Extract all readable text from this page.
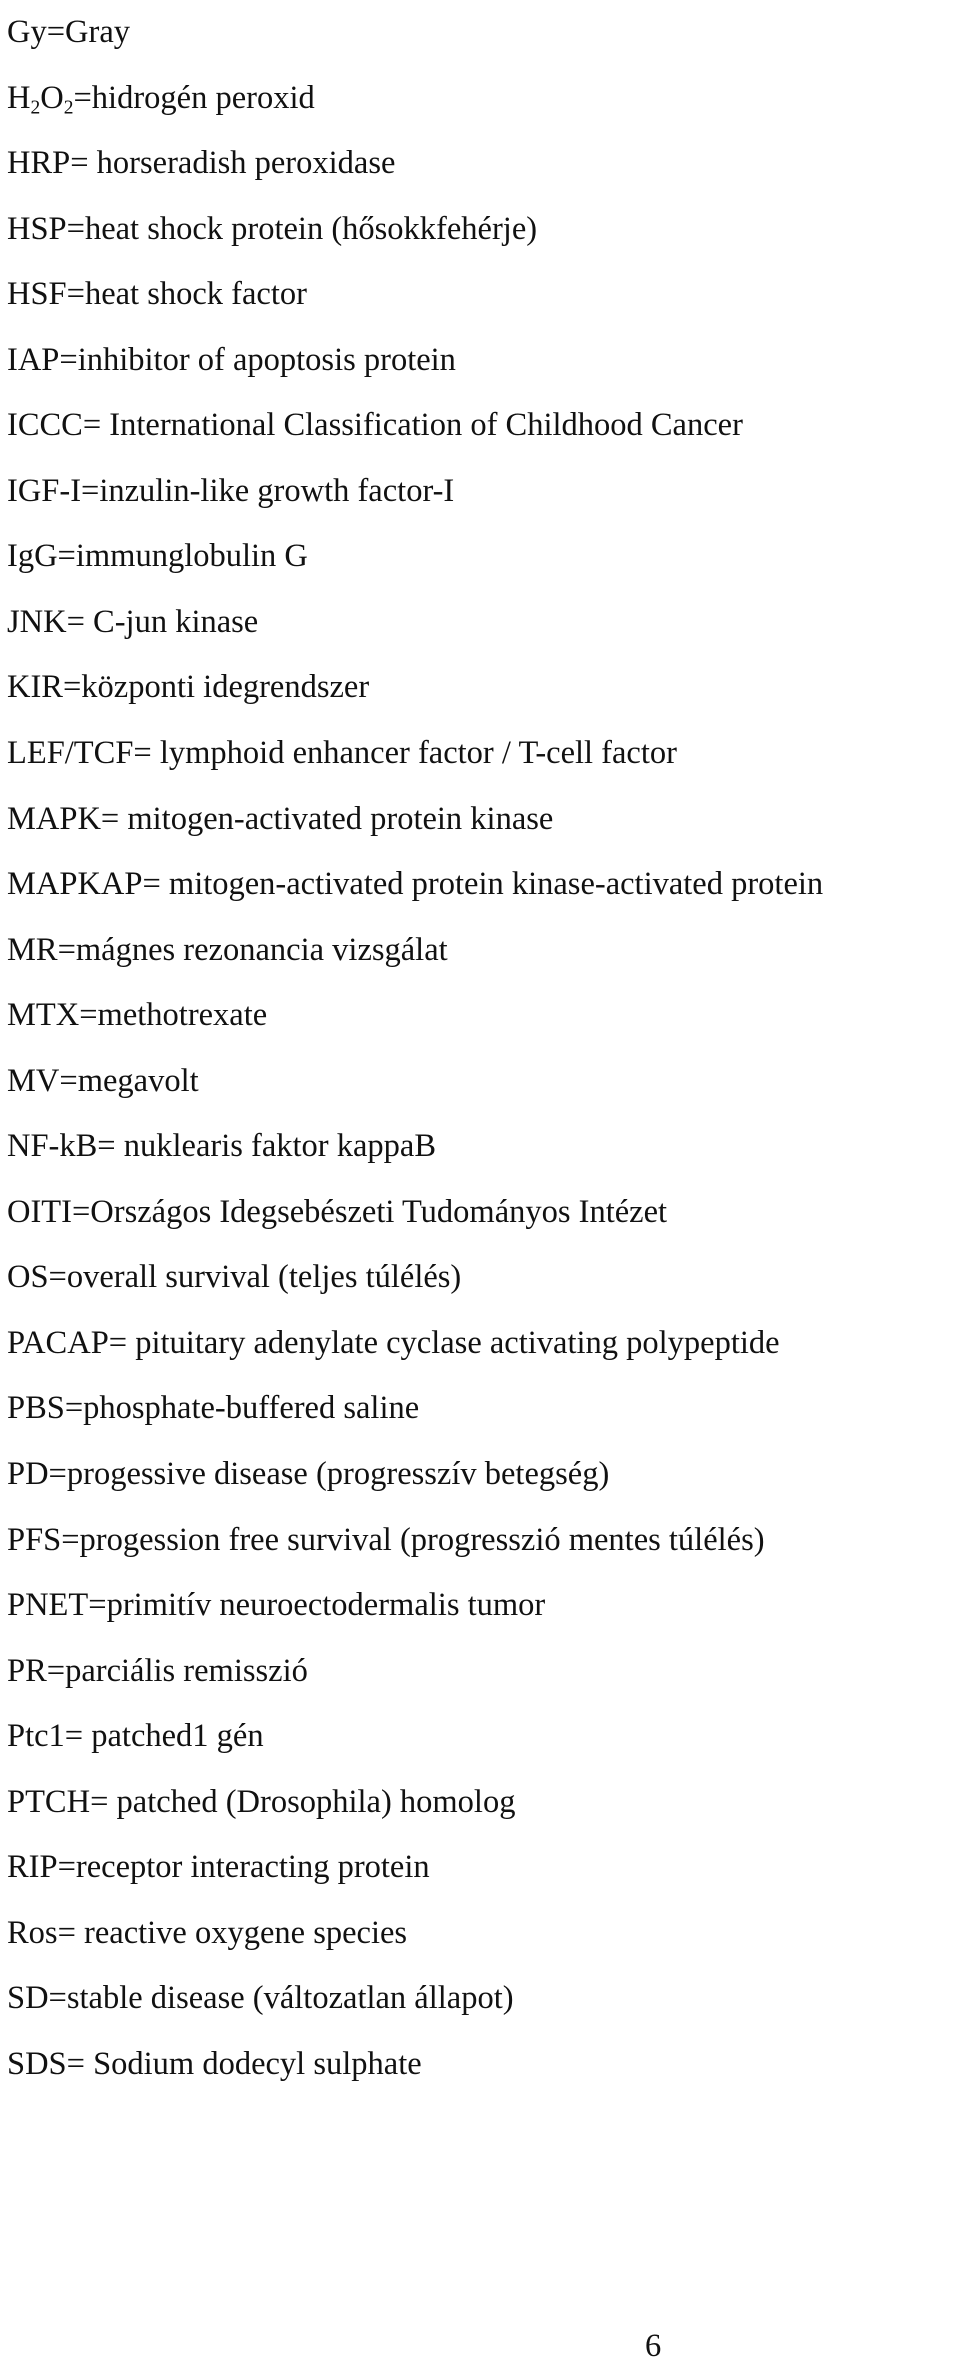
Gy=Gray
$H_2O_2=hidrogén$ peroxid
HRP= horseradish peroxidase
HSP=heat shock protein (hősokkfehérje)
HSF=heat shock factor
IAP=inhibitor of apoptosis protein
ICCC= International Classification of Childhood Cancer
IGF-I=inzulin-like growth factor-I
IgG=immunglobulin G
JNK= C-jun kinase
KIR=központi idegrendszer
LEF/TCF= lymphoid enhancer factor / T-cell factor
MAPK= mitogen-activated protein kinase
MAPKAP= mitogen-activated protein kinase-activated protein
MR=mágnes rezonancia vizsgálat
MTX=methotrexate
MV=megavolt
NF-kB= nuklearis faktor kappaB
OITI=Országos Idegsebészeti Tudományos Intézet
OS=overall survival (teljes túlélés)
PACAP= pituitary adenylate cyclase activating polypeptide
PBS=phosphate-buffered saline
PD=progessive disease (progresszív betegség)
PFS=progession free survival (progresszió mentes túlélés)
PNET=primitív neuroectodermalis tumor
PR=parciális remisszió
Ptc1= patched1 gén
PTCH= patched (Drosophila) homolog
RIP=receptor interacting protein
Ros= reactive oxygene species
SD=stable disease (változatlan állapot)
SDS= Sodium dodecyl sulphate
6
